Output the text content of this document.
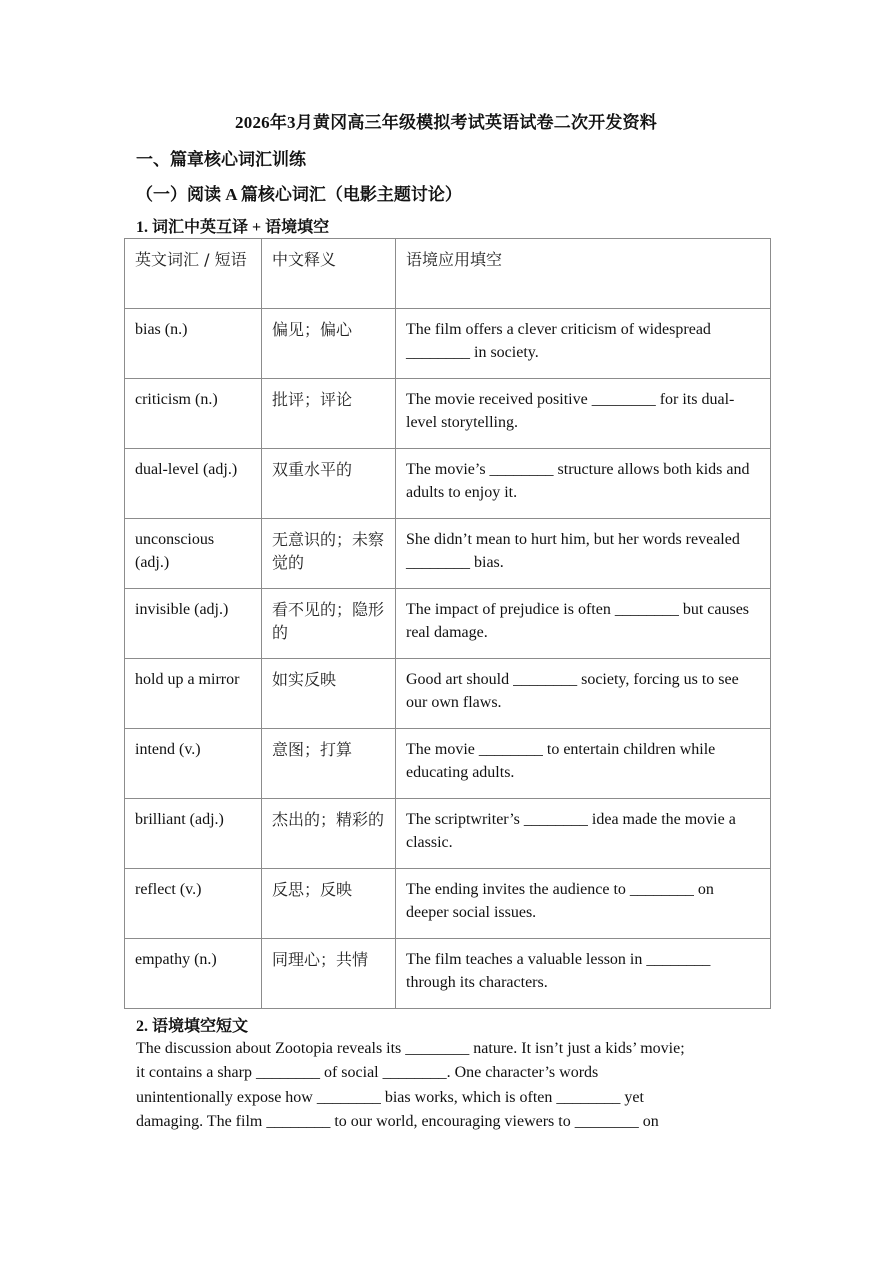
2026年3月黄冈高三年级模拟考试英语试卷二次开发资料
一、篇章核心词汇训练
（一）阅读 A 篇核心词汇（电影主题讨论）
1. 词汇中英互译 + 语境填空
英文词汇 / 短语	中文释义	语境应用填空
bias (n.)	偏见；偏心	The film offers a clever criticism of widespread ________ in society.
criticism (n.)	批评；评论	The movie received positive ________ for its dual-level storytelling.
dual-level (adj.)	双重水平的	The movie’s ________ structure allows both kids and adults to enjoy it.
unconscious (adj.)	无意识的；未察觉的	She didn’t mean to hurt him, but her words revealed ________ bias.
invisible (adj.)	看不见的；隐形的	The impact of prejudice is often ________ but causes real damage.
hold up a mirror	如实反映	Good art should ________ society, forcing us to see our own flaws.
intend (v.)	意图；打算	The movie ________ to entertain children while educating adults.
brilliant (adj.)	杰出的；精彩的	The scriptwriter’s ________ idea made the movie a classic.
reflect (v.)	反思；反映	The ending invites the audience to ________ on deeper social issues.
empathy (n.)	同理心；共情	The film teaches a valuable lesson in ________ through its characters.
2. 语境填空短文

The discussion about Zootopia reveals its ________ nature. It isn’t just a kids’ movie;

it contains a sharp ________ of social ________. One character’s words

unintentionally expose how ________ bias works, which is often ________ yet

damaging. The film ________ to our world, encouraging viewers to ________ on
